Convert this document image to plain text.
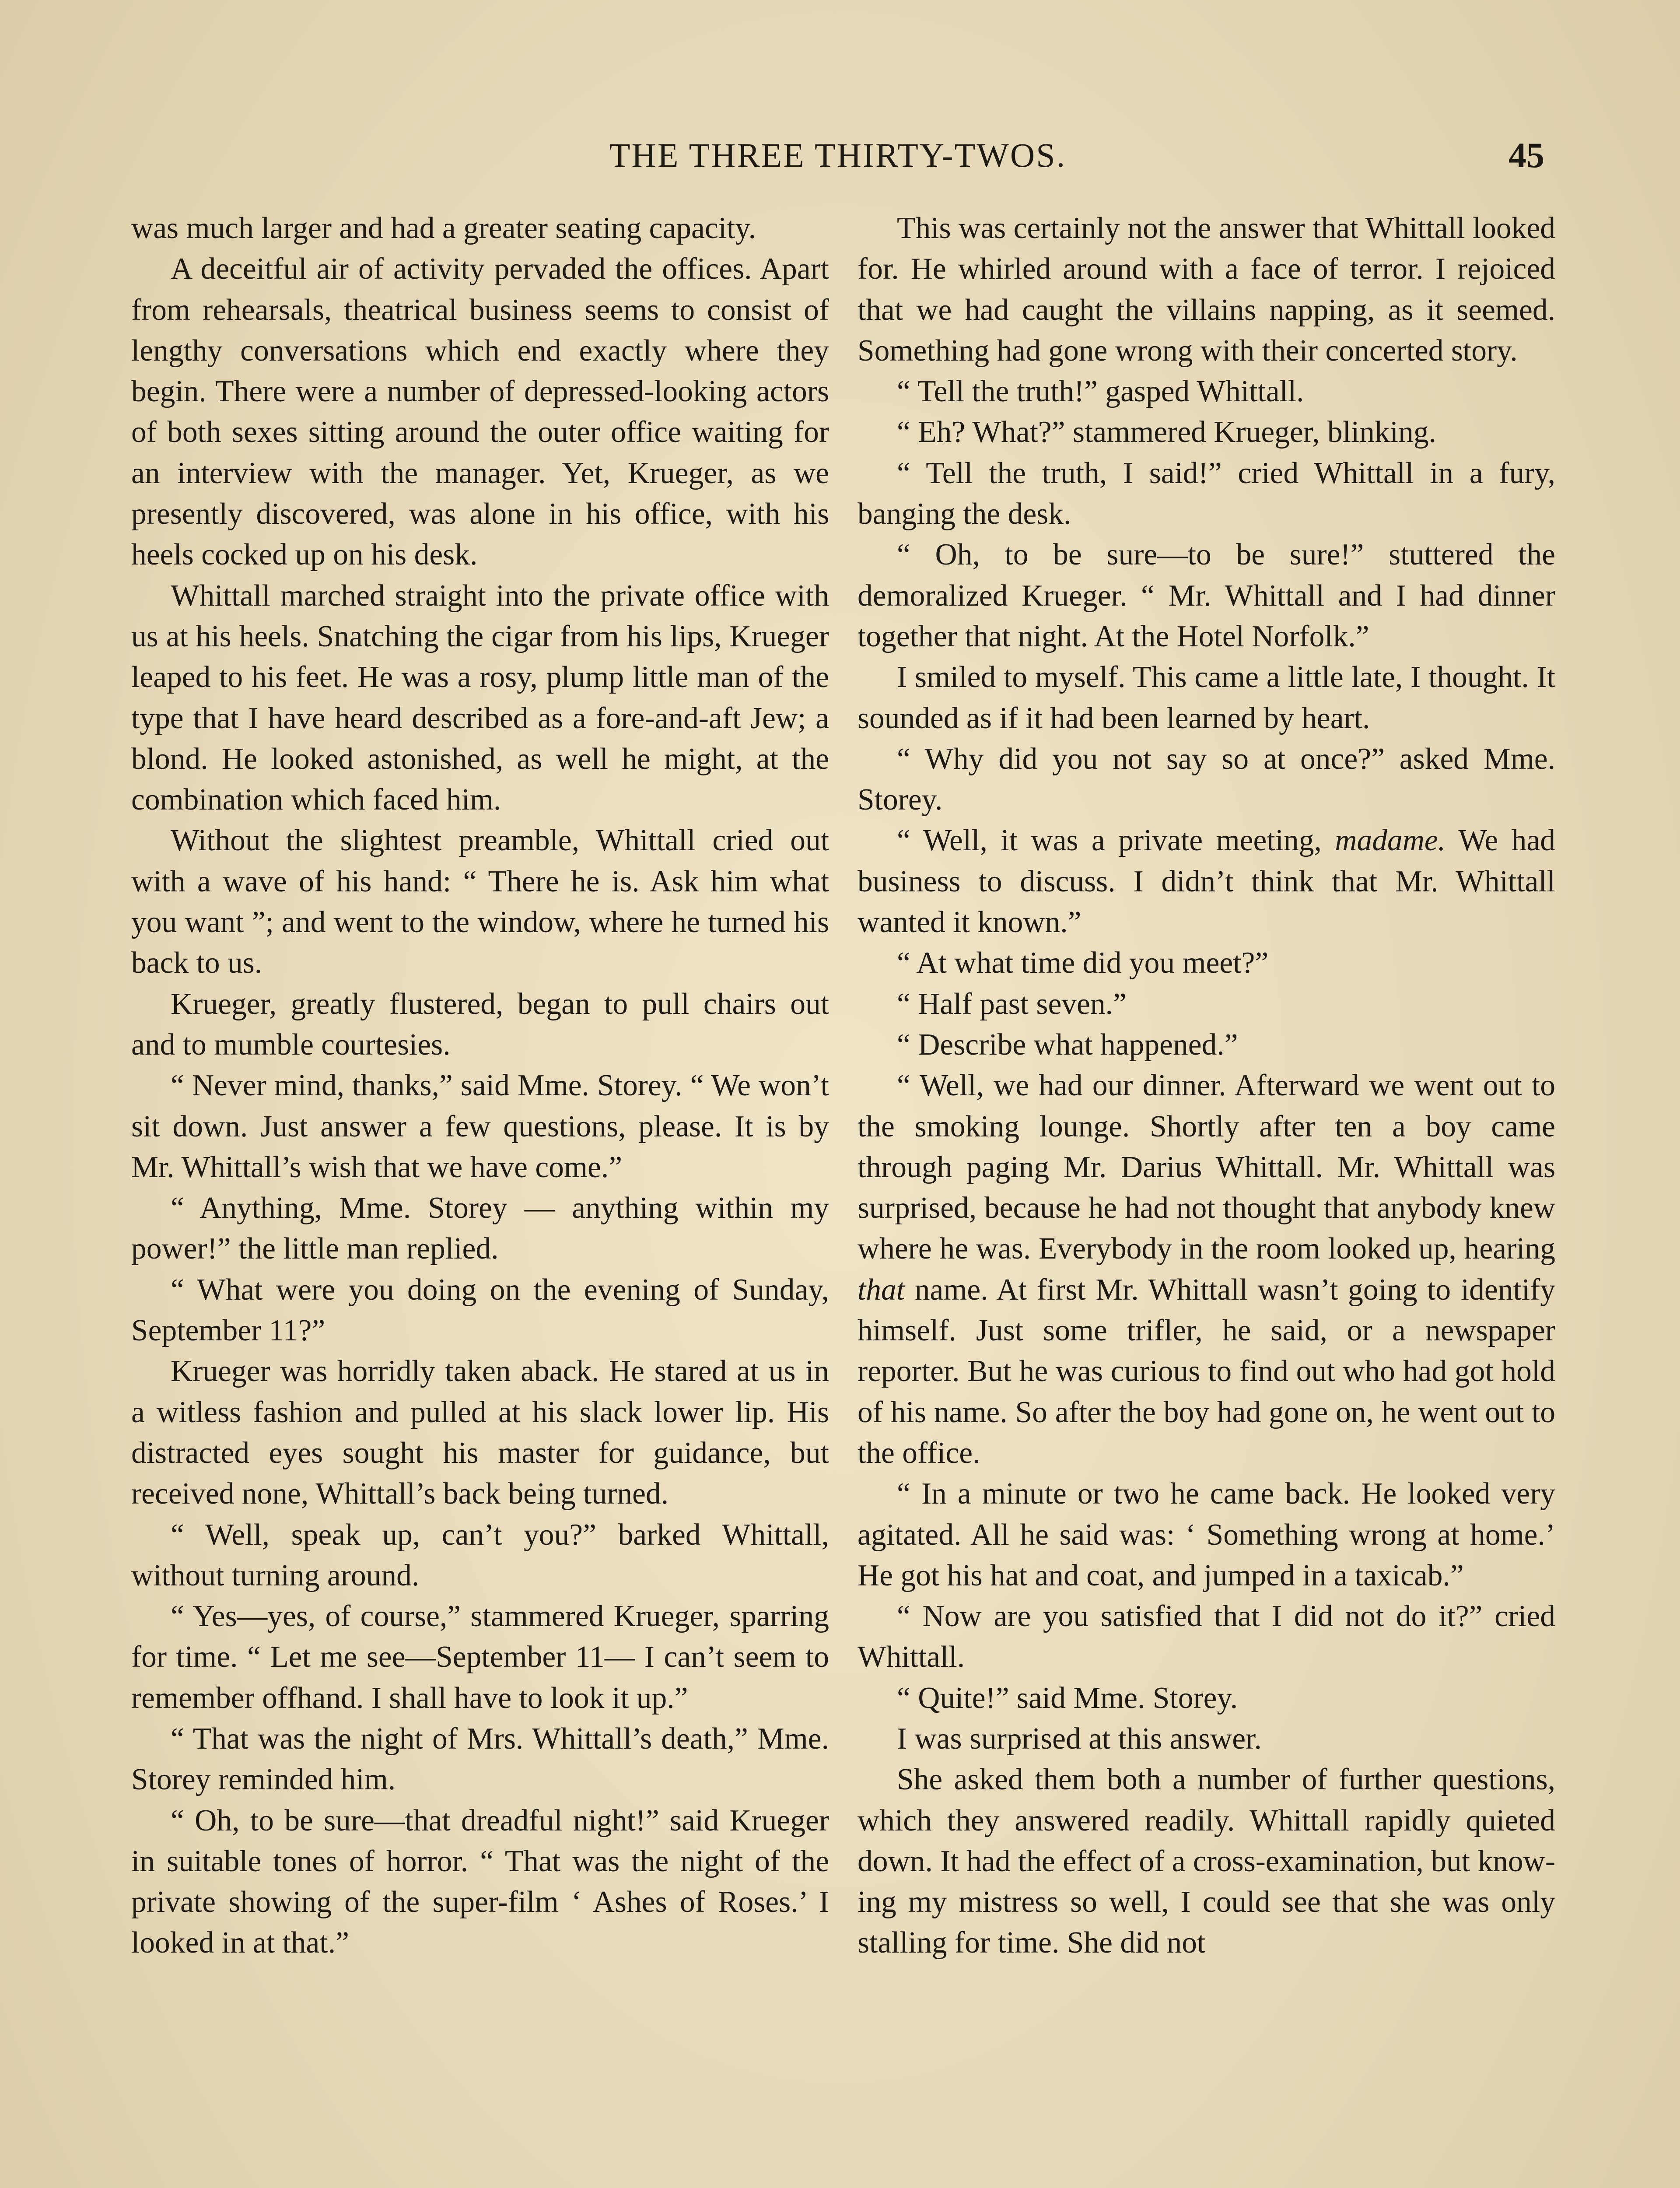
THE THREE THIRTY-TWOS.	45

was much larger and had a greater seating capacity.

A deceitful air of activity pervaded the offices. Apart from rehearsals, theatrical business seems to consist of lengthy conversations which end exactly where they begin. There were a number of depressed-looking actors of both sexes sitting around the outer office waiting for an interview with the manager. Yet, Krueger, as we presently discovered, was alone in his office, with his heels cocked up on his desk.

Whittall marched straight into the private office with us at his heels. Snatching the cigar from his lips, Krueger leaped to his feet. He was a rosy, plump little man of the type that I have heard described as a fore-and-aft Jew; a blond. He looked astonished, as well he might, at the combination which faced him.

Without the slightest preamble, Whittall cried out with a wave of his hand: “ There he is. Ask him what you want ”; and went to the window, where he turned his back to us.

Krueger, greatly flustered, began to pull chairs out and to mumble courtesies.

“ Never mind, thanks,” said Mme. Storey. “ We won’t sit down. Just answer a few questions, please. It is by Mr. Whittall’s wish that we have come.”

“ Anything, Mme. Storey — anything within my power!” the little man replied.

“ What were you doing on the evening of Sunday, September 11?”

Krueger was horridly taken aback. He stared at us in a witless fashion and pulled at his slack lower lip. His distracted eyes sought his master for guidance, but received none, Whittall’s back being turned.

“ Well, speak up, can’t you?” barked Whittall, without turning around.

“ Yes—yes, of course,” stammered Krueger, sparring for time. “ Let me see—September 11— I can’t seem to remember offhand. I shall have to look it up.”

“ That was the night of Mrs. Whittall’s death,” Mme. Storey reminded him.

“ Oh, to be sure—that dreadful night!” said Krueger in suitable tones of horror. “ That was the night of the private showing of the super-film ‘ Ashes of Roses.’ I looked in at that.”

This was certainly not the answer that Whittall looked for. He whirled around with a face of terror. I rejoiced that we had caught the villains napping, as it seemed. Something had gone wrong with their concerted story.

“ Tell the truth!” gasped Whittall.

“ Eh? What?” stammered Krueger, blinking.

“ Tell the truth, I said!” cried Whittall in a fury, banging the desk.

“ Oh, to be sure—to be sure!” stuttered the demoralized Krueger. “ Mr. Whittall and I had dinner together that night. At the Hotel Norfolk.”

I smiled to myself. This came a little late, I thought. It sounded as if it had been learned by heart.

“ Why did you not say so at once?” asked Mme. Storey.

“ Well, it was a private meeting, madame. We had business to discuss. I didn’t think that Mr. Whittall wanted it known.”

“ At what time did you meet?”

“ Half past seven.”

“ Describe what happened.”

“ Well, we had our dinner. Afterward we went out to the smoking lounge. Shortly after ten a boy came through paging Mr. Darius Whittall. Mr. Whittall was surprised, because he had not thought that anybody knew where he was. Everybody in the room looked up, hearing that name. At first Mr. Whittall wasn’t going to identify himself. Just some trifler, he said, or a newspaper reporter. But he was curious to find out who had got hold of his name. So after the boy had gone on, he went out to the office.

“ In a minute or two he came back. He looked very agitated. All he said was: ‘ Something wrong at home.’ He got his hat and coat, and jumped in a taxicab.”

“ Now are you satisfied that I did not do it?” cried Whittall.

“ Quite!” said Mme. Storey.

I was surprised at this answer.

She asked them both a number of further questions, which they answered readily. Whittall rapidly quieted down. It had the effect of a cross-examination, but knowing my mistress so well, I could see that she was only stalling for time. She did not
